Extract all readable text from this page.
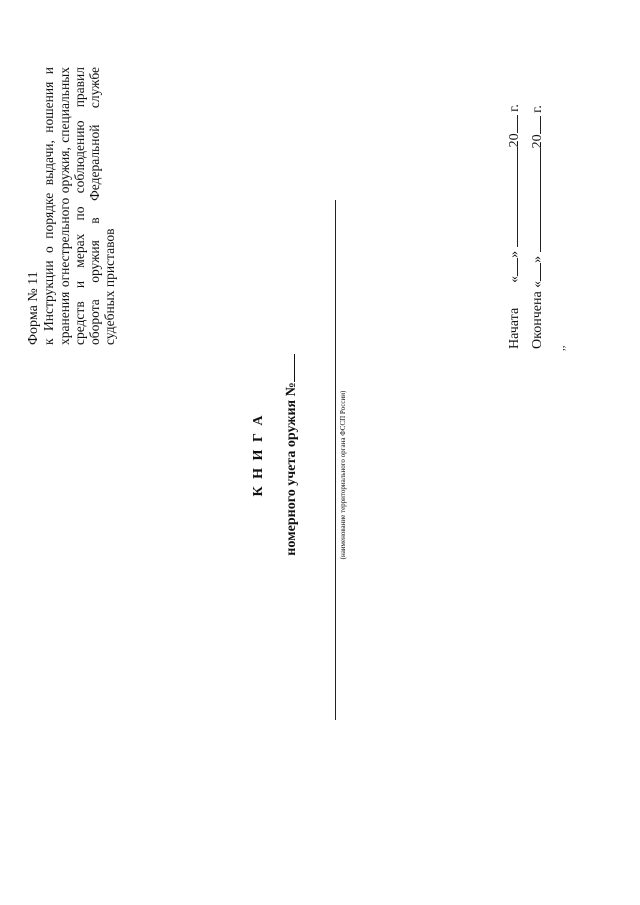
Форма № 11 к Инструкции о порядке выдачи, ношения и хранения огнестрельного оружия, специальных средств и мерах по соблюдению правил оборота оружия в Федеральной службе судебных приставов
К Н И Г А номерного учета оружия №	(наименование территориального органа ФССП России)
Начата  «» 20 г.
Окончена «» 20 г.
,,
